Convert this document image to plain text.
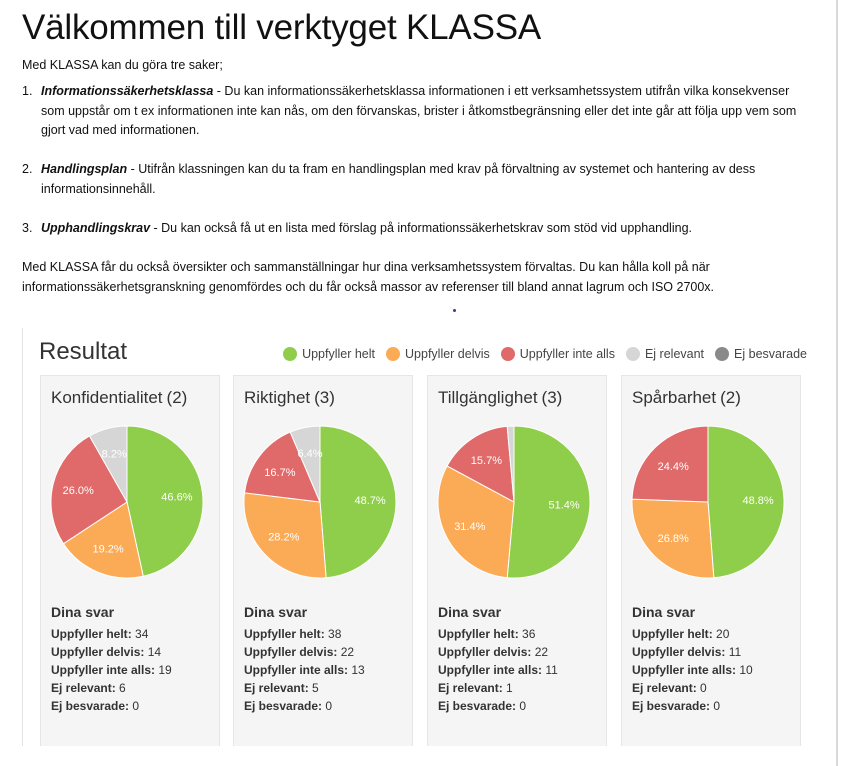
Välkommen till verktyget KLASSA
Med KLASSA kan du göra tre saker;
1. Informationssäkerhetsklassa - Du kan informationssäkerhetsklassa informationen i ett verksamhetssystem utifrån vilka konsekvenser som uppstår om t ex informationen inte kan nås, om den förvanskas, brister i åtkomstbegränsning eller det inte går att följa upp vem som gjort vad med informationen.
2. Handlingsplan - Utifrån klassningen kan du ta fram en handlingsplan med krav på förvaltning av systemet och hantering av dess informationsinnehåll.
3. Upphandlingskrav - Du kan också få ut en lista med förslag på informationssäkerhetskrav som stöd vid upphandling.
Med KLASSA får du också översikter och sammanställningar hur dina verksamhetssystem förvaltas. Du kan hålla koll på när informationssäkerhetsgranskning genomfördes och du får också massor av referenser till bland annat lagrum och ISO 2700x.
Resultat	Uppfyller helt Uppfyller delvis Uppfyller inte alls Ej relevant Ej besvarade
Konfidentialitet (2)
46.6%
19.2%
26.0%
8.2%
Dina svar
Uppfyller helt : 34
Uppfyller delvis : 14
Uppfyller inte alls : 19
Ej relevant : 6
Ej besvarade : 0
Riktighet (3)
48.7%
28.2%
16.7%
6.4%
Dina svar
Uppfyller helt : 38
Uppfyller delvis : 22
Uppfyller inte alls : 13
Ej relevant : 5
Ej besvarade : 0
Tillgänglighet (3)
51.4%
31.4%
15.7%
Dina svar
Uppfyller helt : 36
Uppfyller delvis : 22
Uppfyller inte alls : 11
Ej relevant : 1
Ej besvarade : 0
Spårbarhet (2)
48.8%
26.8%
24.4%
Dina svar
Uppfyller helt : 20
Uppfyller delvis : 11
Uppfyller inte alls : 10
Ej relevant : 0
Ej besvarade : 0
